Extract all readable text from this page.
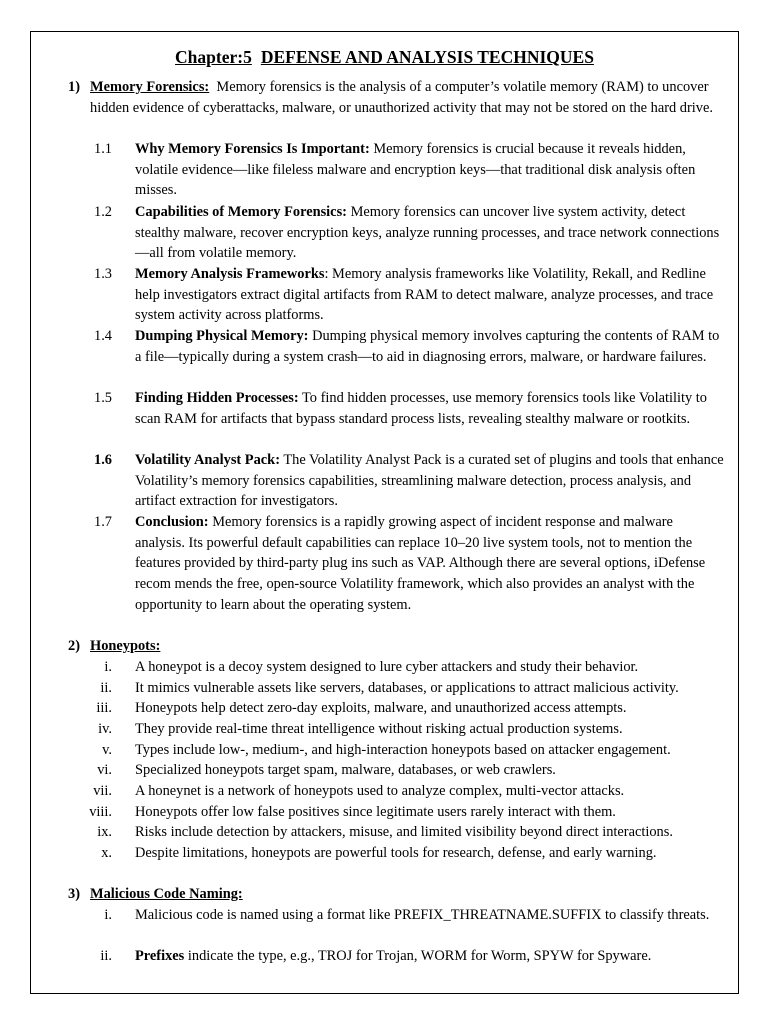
Chapter:5 DEFENSE AND ANALYSIS TECHNIQUES
1) Memory Forensics: Memory forensics is the analysis of a computer’s volatile memory (RAM) to uncover hidden evidence of cyberattacks, malware, or unauthorized activity that may not be stored on the hard drive.
1.1 Why Memory Forensics Is Important: Memory forensics is crucial because it reveals hidden, volatile evidence—like fileless malware and encryption keys—that traditional disk analysis often misses.
1.2 Capabilities of Memory Forensics: Memory forensics can uncover live system activity, detect stealthy malware, recover encryption keys, analyze running processes, and trace network connections—all from volatile memory.
1.3 Memory Analysis Frameworks: Memory analysis frameworks like Volatility, Rekall, and Redline help investigators extract digital artifacts from RAM to detect malware, analyze processes, and trace system activity across platforms.
1.4 Dumping Physical Memory: Dumping physical memory involves capturing the contents of RAM to a file—typically during a system crash—to aid in diagnosing errors, malware, or hardware failures.
1.5 Finding Hidden Processes: To find hidden processes, use memory forensics tools like Volatility to scan RAM for artifacts that bypass standard process lists, revealing stealthy malware or rootkits.
1.6 Volatility Analyst Pack: The Volatility Analyst Pack is a curated set of plugins and tools that enhance Volatility’s memory forensics capabilities, streamlining malware detection, process analysis, and artifact extraction for investigators.
1.7 Conclusion: Memory forensics is a rapidly growing aspect of incident response and malware analysis. Its powerful default capabilities can replace 10–20 live system tools, not to mention the features provided by third-party plug ins such as VAP. Although there are several options, iDefense recom mends the free, open-source Volatility framework, which also provides an analyst with the opportunity to learn about the operating system.
2) Honeypots:
i. A honeypot is a decoy system designed to lure cyber attackers and study their behavior.
ii. It mimics vulnerable assets like servers, databases, or applications to attract malicious activity.
iii. Honeypots help detect zero-day exploits, malware, and unauthorized access attempts.
iv. They provide real-time threat intelligence without risking actual production systems.
v. Types include low-, medium-, and high-interaction honeypots based on attacker engagement.
vi. Specialized honeypots target spam, malware, databases, or web crawlers.
vii. A honeynet is a network of honeypots used to analyze complex, multi-vector attacks.
viii. Honeypots offer low false positives since legitimate users rarely interact with them.
ix. Risks include detection by attackers, misuse, and limited visibility beyond direct interactions.
x. Despite limitations, honeypots are powerful tools for research, defense, and early warning.
3) Malicious Code Naming:
i. Malicious code is named using a format like PREFIX_THREATNAME.SUFFIX to classify threats.
ii. Prefixes indicate the type, e.g., TROJ for Trojan, WORM for Worm, SPYW for Spyware.
